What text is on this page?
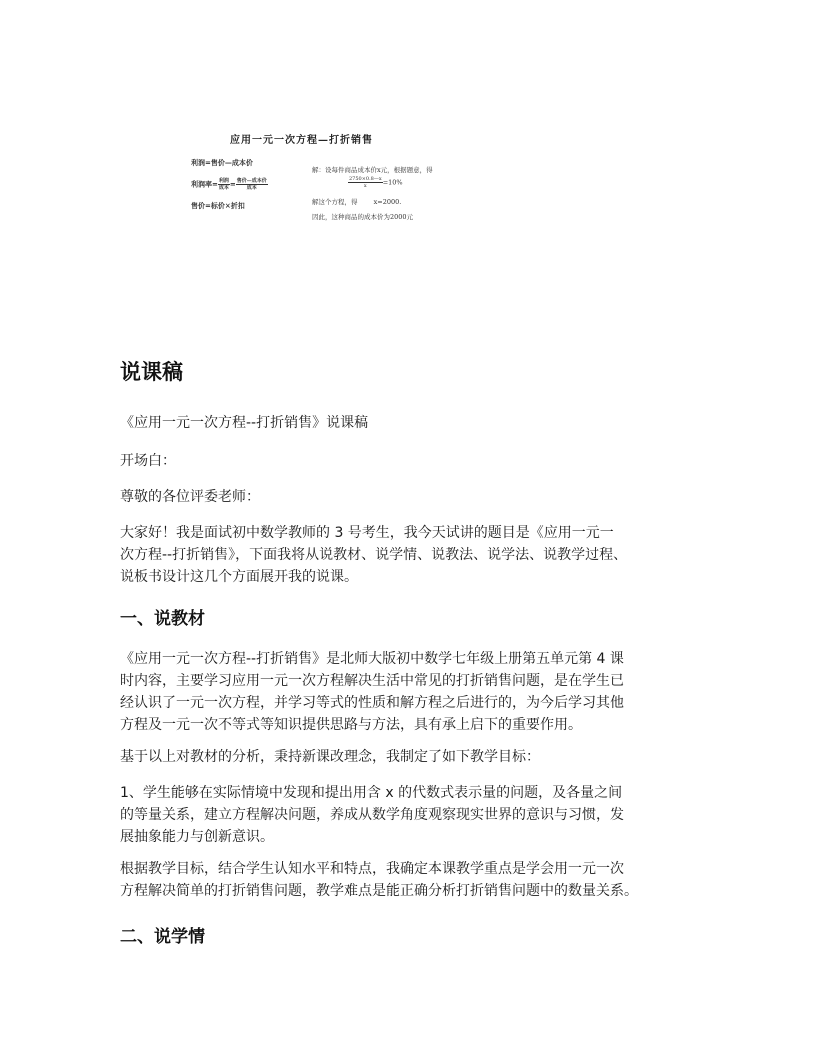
应用一元一次方程—打折销售
利润=售价—成本价
利润率= $\frac{\text{利润}}{\text{成本}} = \frac{\text{售价—成本价}}{\text{成本}}$
售价=标价×折扣
解：设每件商品成本价x元，根据题意，得
$\frac{2750\times 0.8—x}{x} =10\%$
解这个方程，得 x=2000.
因此，这种商品的成本价为2000元
说课稿
《应用一元一次方程--打折销售》说课稿
开场白：
尊敬的各位评委老师：
大家好！我是面试初中数学教师的 3 号考生，我今天试讲的题目是《应用一元一
次方程--打折销售》，下面我将从说教材、说学情、说教法、说学法、说教学过程、
说板书设计这几个方面展开我的说课。
一、说教材
《应用一元一次方程--打折销售》是北师大版初中数学七年级上册第五单元第 4 课
时内容，主要学习应用一元一次方程解决生活中常见的打折销售问题，是在学生已
经认识了一元一次方程，并学习等式的性质和解方程之后进行的，为今后学习其他
方程及一元一次不等式等知识提供思路与方法，具有承上启下的重要作用。
基于以上对教材的分析，秉持新课改理念，我制定了如下教学目标：
1、学生能够在实际情境中发现和提出用含 x 的代数式表示量的问题，及各量之间
的等量关系，建立方程解决问题，养成从数学角度观察现实世界的意识与习惯，发
展抽象能力与创新意识。
根据教学目标，结合学生认知水平和特点，我确定本课教学重点是学会用一元一次
方程解决简单的打折销售问题，教学难点是能正确分析打折销售问题中的数量关系。
二、说学情
